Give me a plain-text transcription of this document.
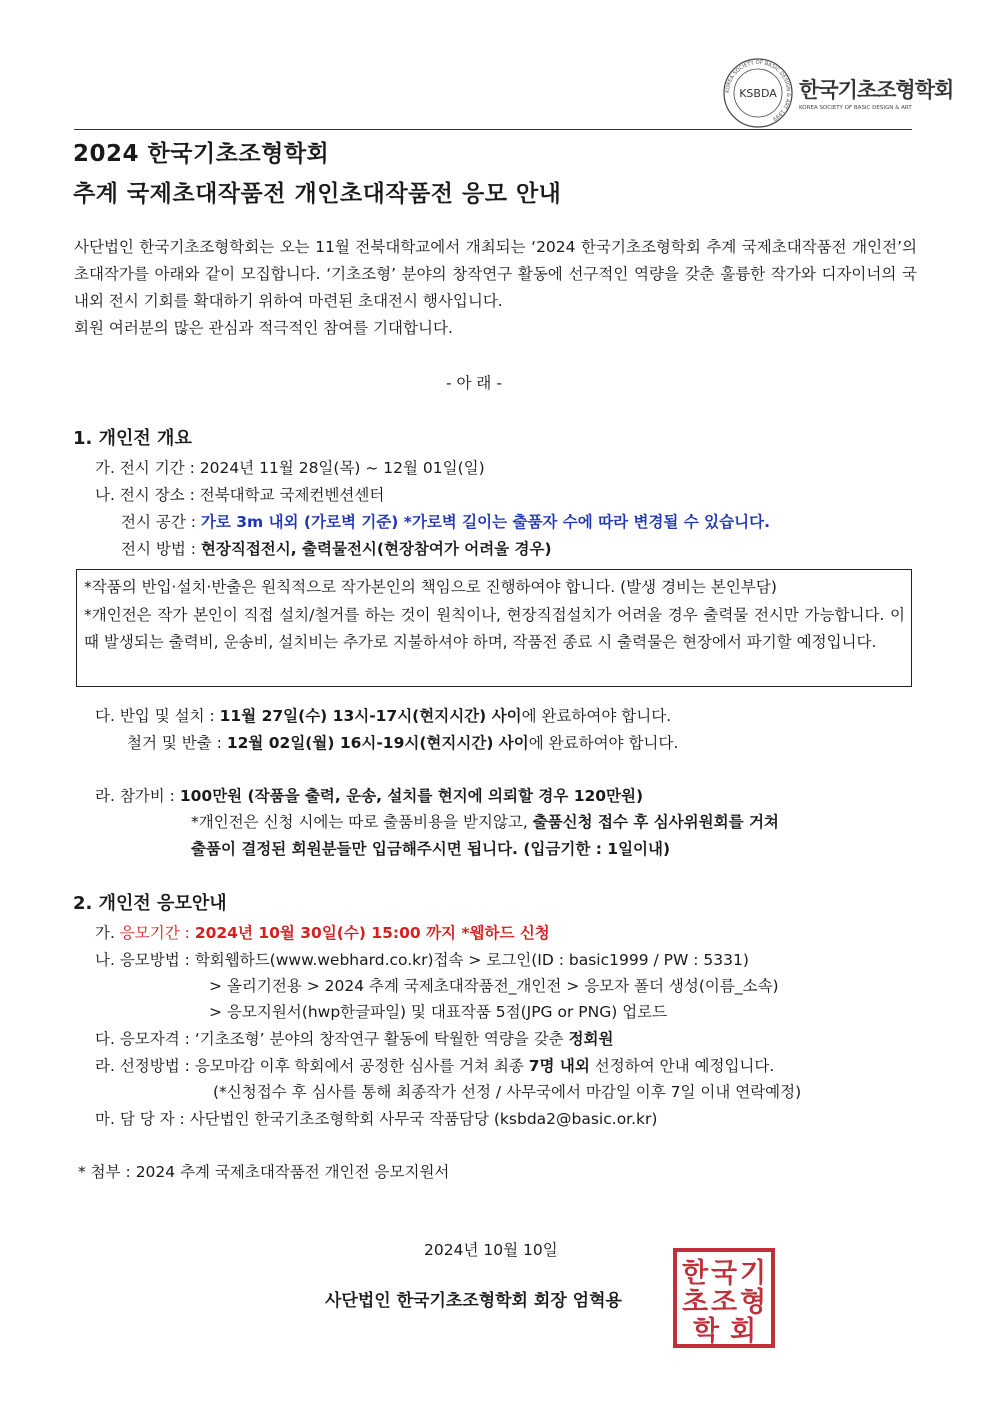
KOREA SOCIETY OF BASIC DESIGN & ART 1999
KSBDA 한국기초조형학회
KOREA SOCIETY OF BASIC DESIGN & ART
2024 한국기초조형학회
추계 국제초대작품전 개인초대작품전 응모 안내

사단법인 한국기초조형학회는 오는 11월 전북대학교에서 개최되는 ‘2024 한국기초조형학회 추계 국제초대작품전 개인전’의 초대작가를 아래와 같이 모집합니다. ‘기초조형’ 분야의 창작연구 활동에 선구적인 역량을 갖춘 훌륭한 작가와 디자이너의 국내외 전시 기회를 확대하기 위하여 마련된 초대전시 행사입니다.

회원 여러분의 많은 관심과 적극적인 참여를 기대합니다.

- 아 래 -
1. 개인전 개요
가. 전시 기간 : 2024년 11월 28일(목) ~ 12월 01일(일)
나. 전시 장소 : 전북대학교 국제컨벤션센터
전시 공간 : 가로 3m 내외 (가로벽 기준) *가로벽 길이는 출품자 수에 따라 변경될 수 있습니다.
전시 방법 : 현장직접전시, 출력물전시(현장참여가 어려울 경우)

*작품의 반입·설치·반출은 원칙적으로 작가본인의 책임으로 진행하여야 합니다. (발생 경비는 본인부담)

*개인전은 작가 본인이 직접 설치/철거를 하는 것이 원칙이나, 현장직접설치가 어려울 경우 출력물 전시만 가능합니다. 이때 발생되는 출력비, 운송비, 설치비는 추가로 지불하셔야 하며, 작품전 종료 시 출력물은 현장에서 파기할 예정입니다.

다. 반입 및 설치 : 11월 27일(수) 13시-17시(현지시간) 사이에 완료하여야 합니다.
철거 및 반출 : 12월 02일(월) 16시-19시(현지시간) 사이에 완료하여야 합니다.
라. 참가비 : 100만원 (작품을 출력, 운송, 설치를 현지에 의뢰할 경우 120만원)
*개인전은 신청 시에는 따로 출품비용을 받지않고, 출품신청 접수 후 심사위원회를 거쳐
출품이 결정된 회원분들만 입금해주시면 됩니다. (입금기한 : 1일이내)
2. 개인전 응모안내
가. 응모기간 : 2024년 10월 30일(수) 15:00 까지 *웹하드 신청
나. 응모방법 : 학회웹하드(www.webhard.co.kr)접속 > 로그인(ID : basic1999 / PW : 5331)
> 올리기전용 > 2024 추계 국제초대작품전_개인전 > 응모자 폴더 생성(이름_소속)
> 응모지원서(hwp한글파일) 및 대표작품 5점(JPG or PNG) 업로드
다. 응모자격 : ‘기초조형’ 분야의 창작연구 활동에 탁월한 역량을 갖춘 정회원
라. 선정방법 : 응모마감 이후 학회에서 공정한 심사를 거쳐 최종 7명 내외 선정하여 안내 예정입니다.
(*신청접수 후 심사를 통해 최종작가 선정 / 사무국에서 마감일 이후 7일 이내 연락예정)
마. 담 당 자 : 사단법인 한국기초조형학회 사무국 작품담당 (ksbda2@basic.or.kr)
* 첨부 : 2024 추계 국제초대작품전 개인전 응모지원서
2024년 10월 10일
사단법인 한국기초조형학회 회장 엄혁용
한 국 기
초 조 형
학 회
